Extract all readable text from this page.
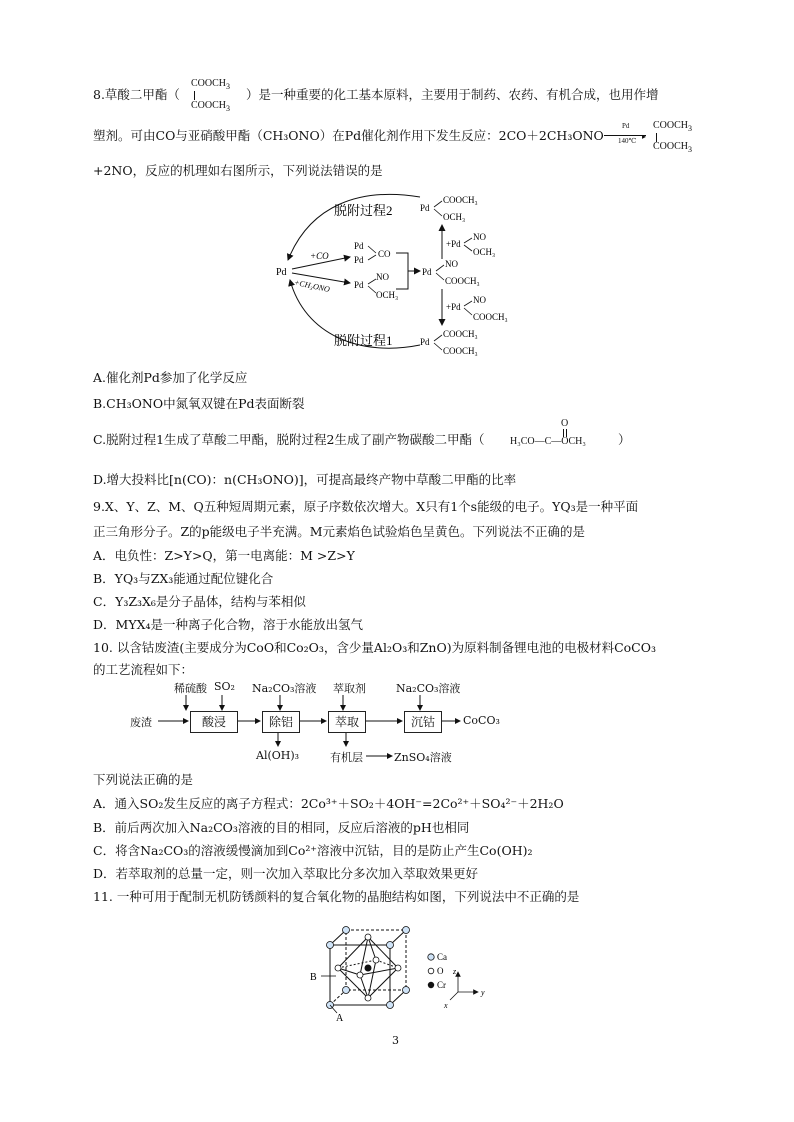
8.草酸二甲酯（
$COOCH_3$
$COOCH_3$
）是一种重要的化工基本原料，主要用于制药、农药、有机合成，也用作增
塑剂。可由CO与亚硝酸甲酯（CH₃ONO）在Pd催化剂作用下发生反应：2CO＋2CH₃ONO
Pd
▸
140℃
$COOCH_3$
$COOCH_3$
+2NO，反应的机理如右图所示，下列说法错误的是
脱附过程2
脱附过程1
Pd
+CO
+CH₃ONO
Pd
Pd
CO
Pd
NO
OCH₃
Pd
NO
COOCH₃
+Pd
NO
OCH₃
Pd
COOCH₃
OCH₃
+Pd
NO
COOCH₃
Pd
COOCH₃
COOCH₃
A.催化剂Pd参加了化学反应
B.CH₃ONO中氮氧双键在Pd表面断裂
C.脱附过程1生成了草酸二甲酯，脱附过程2生成了副产物碳酸二甲酯（
O
H₃CO—C—OCH₃	）
D.增大投料比[n(CO)：n(CH₃ONO)]，可提高最终产物中草酸二甲酯的比率
9.X、Y、Z、M、Q五种短周期元素，原子序数依次增大。X只有1个s能级的电子。YQ₃是一种平面
正三角形分子。Z的p能级电子半充满。M元素焰色试验焰色呈黄色。下列说法不正确的是
A．电负性：Z>Y>Q，第一电离能：M >Z>Y
B．YQ₃与ZX₃能通过配位键化合
C．Y₃Z₃X₆是分子晶体，结构与苯相似
D．MYX₄是一种离子化合物，溶于水能放出氢气
10. 以含钴废渣(主要成分为CoO和Co₂O₃，含少量Al₂O₃和ZnO)为原料制备锂电池的电极材料CoCO₃
的工艺流程如下：
稀硫酸 SO₂ Na₂CO₃溶液 萃取剂	Na₂CO₃溶液
废渣	酸浸	除铝	萃取	沉钴	CoCO₃
Al(OH)₃	有机层	ZnSO₄溶液
下列说法正确的是
A．通入SO₂发生反应的离子方程式：2Co³⁺＋SO₂＋4OH⁻=2Co²⁺＋SO₄²⁻＋2H₂O
B．前后两次加入Na₂CO₃溶液的目的相同，反应后溶液的pH也相同
C．将含Na₂CO₃的溶液缓慢滴加到Co²⁺溶液中沉钴，目的是防止产生Co(OH)₂
D．若萃取剂的总量一定，则一次加入萃取比分多次加入萃取效果更好
11. 一种可用于配制无机防锈颜料的复合氧化物的晶胞结构如图，下列说法中不正确的是
B
A
Ca
O
Cr
z
y
x
3
